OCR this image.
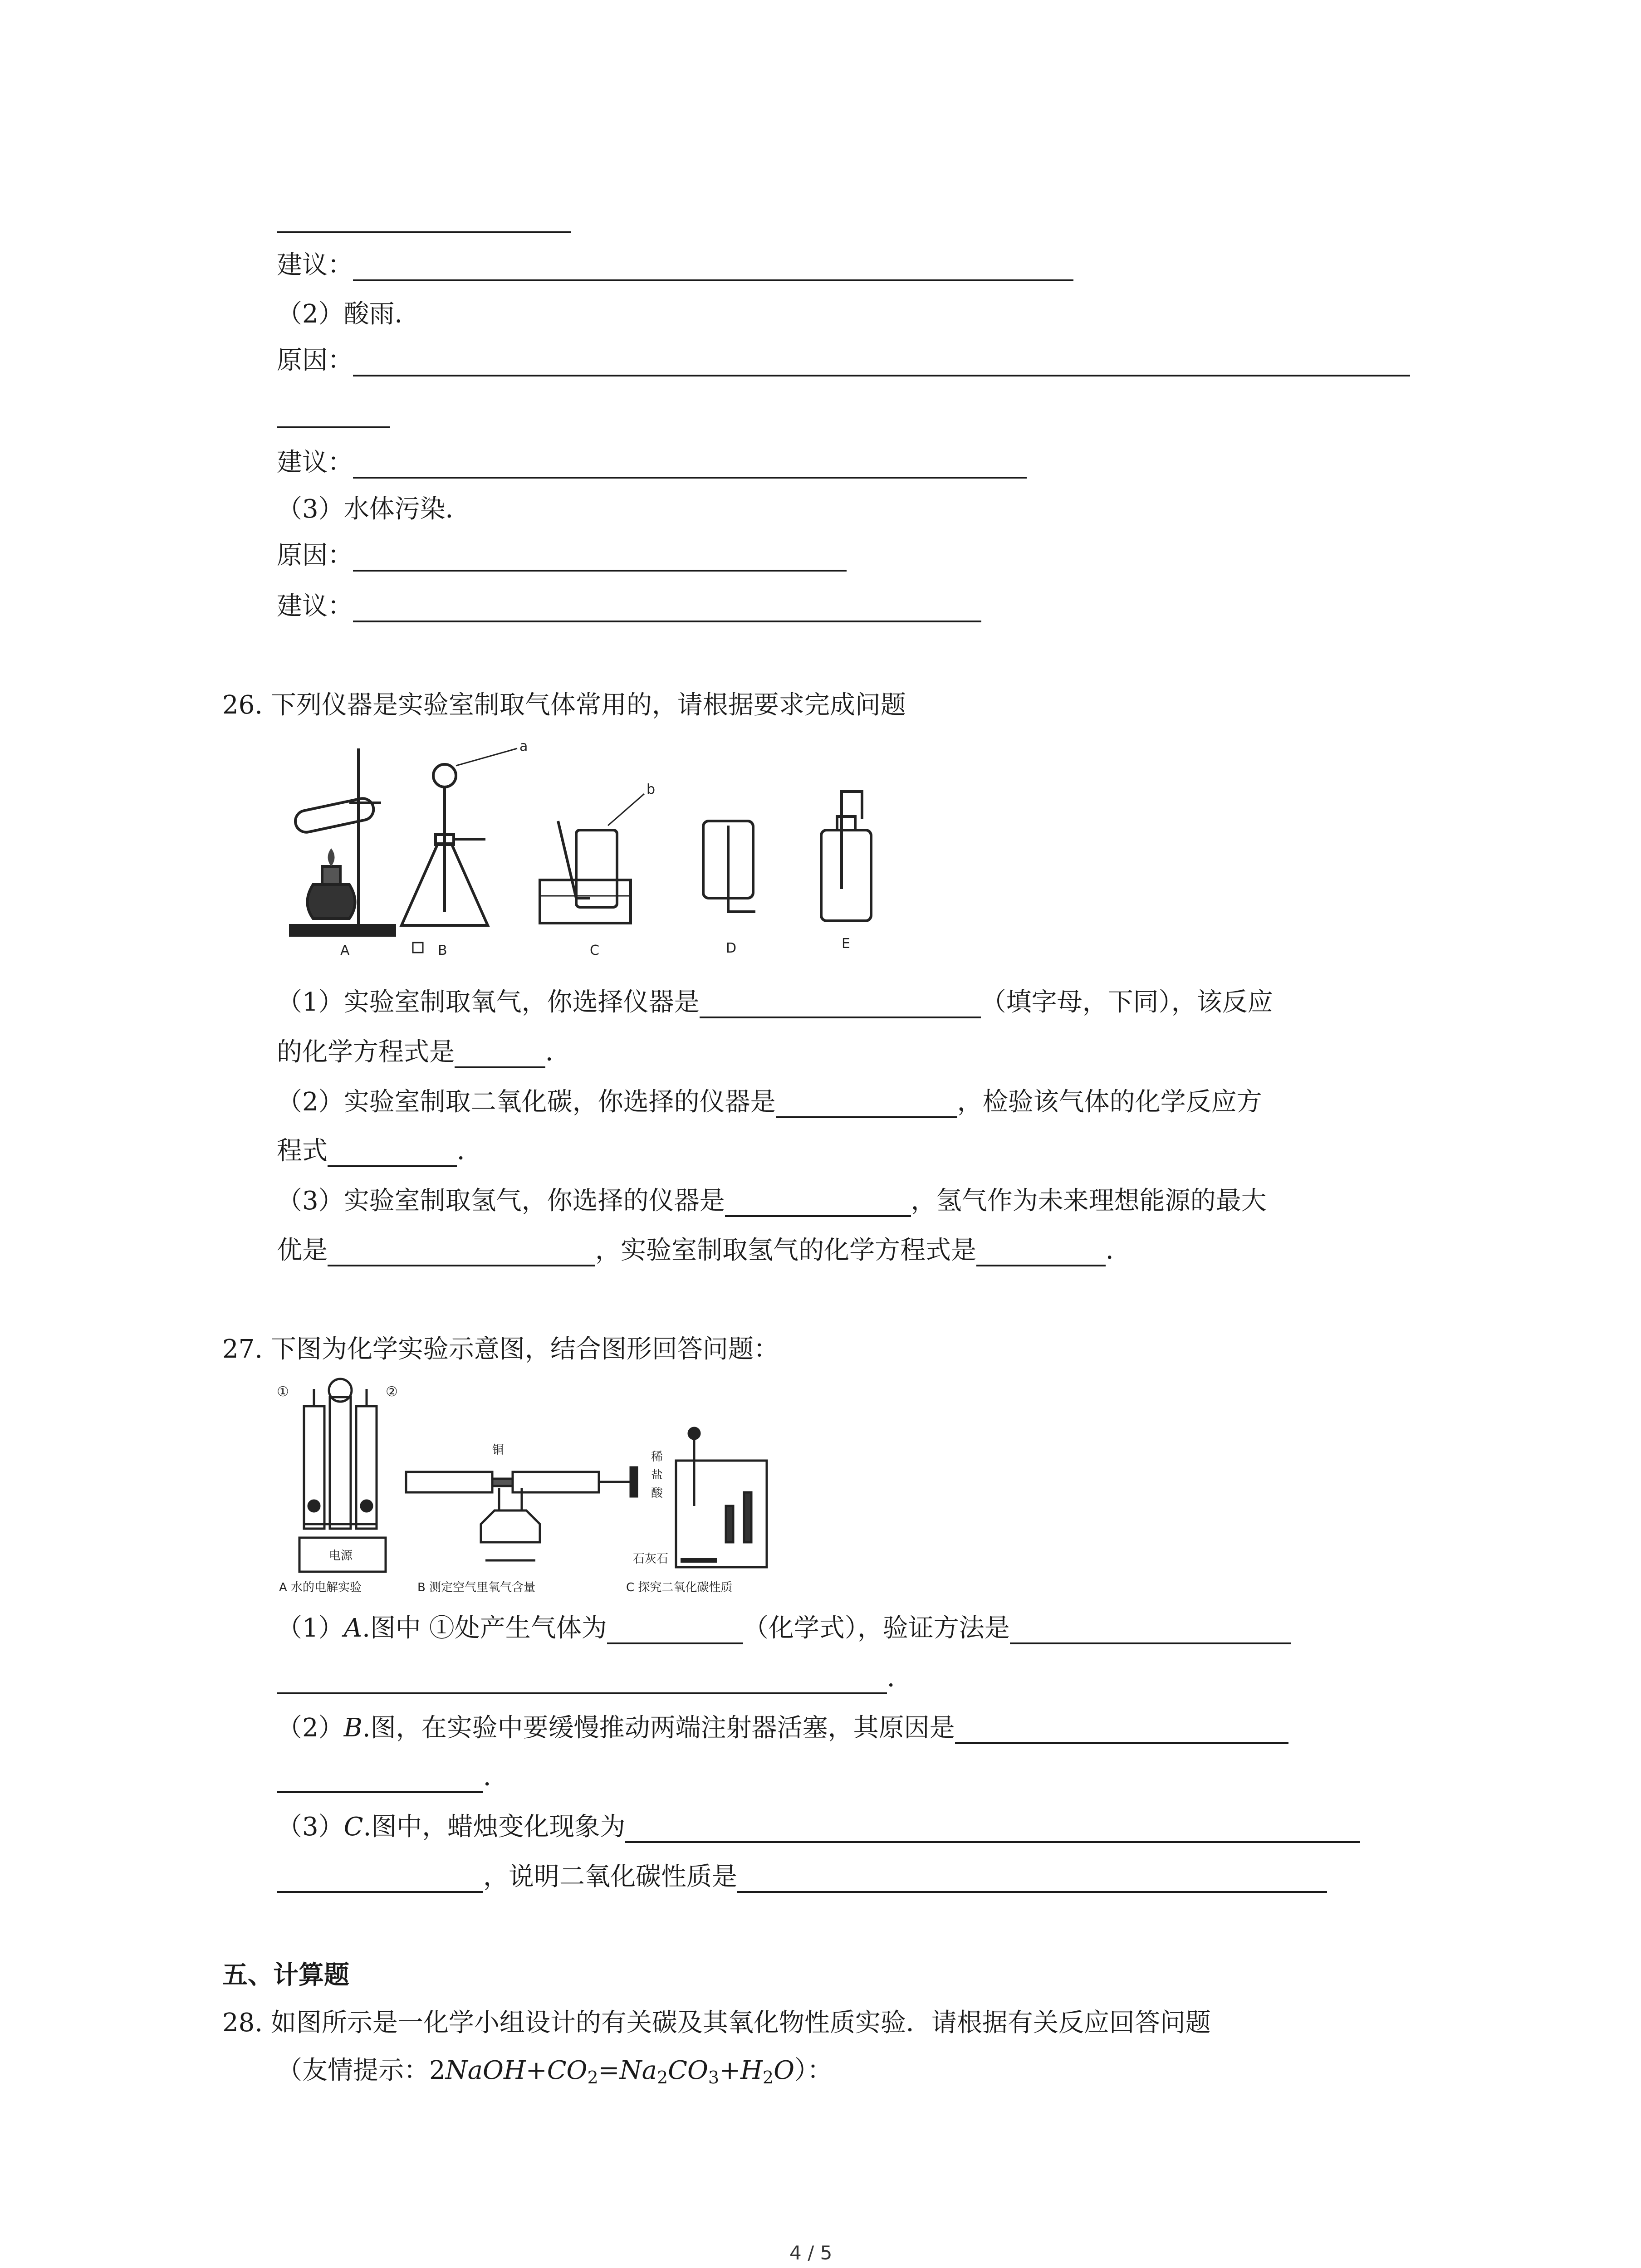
建议：
（2）酸雨．
原因：
建议：
（3）水体污染．
原因：
建议：
26. 下列仪器是实验室制取气体常用的，请根据要求完成问题
A	B	C	D	E
a
b
（1）实验室制取氧气，你选择仪器是	（填字母，下同），该反应
的化学方程式是	．
（2）实验室制取二氧化碳，你选择的仪器是	，检验该气体的化学反应方
程式	．
（3）实验室制取氢气，你选择的仪器是	，氢气作为未来理想能源的最大
优是	，实验室制取氢气的化学方程式是	．
27. 下图为化学实验示意图，结合图形回答问题：
①	②
电源
铜	稀
盐
酸
石灰石
A 水的电解实验	B 测定空气里氧气含量	C 探究二氧化碳性质
（1）A.图中 ①处产生气体为	（化学式），验证方法是
．
（2）B.图，在实验中要缓慢推动两端注射器活塞，其原因是
．
（3）C.图中，蜡烛变化现象为
，说明二氧化碳性质是
五、计算题
28. 如图所示是一化学小组设计的有关碳及其氧化物性质实验．请根据有关反应回答问题
（友情提示：$2NaOH+CO_2=Na_2CO_3+H_2O$）：
4 / 5
